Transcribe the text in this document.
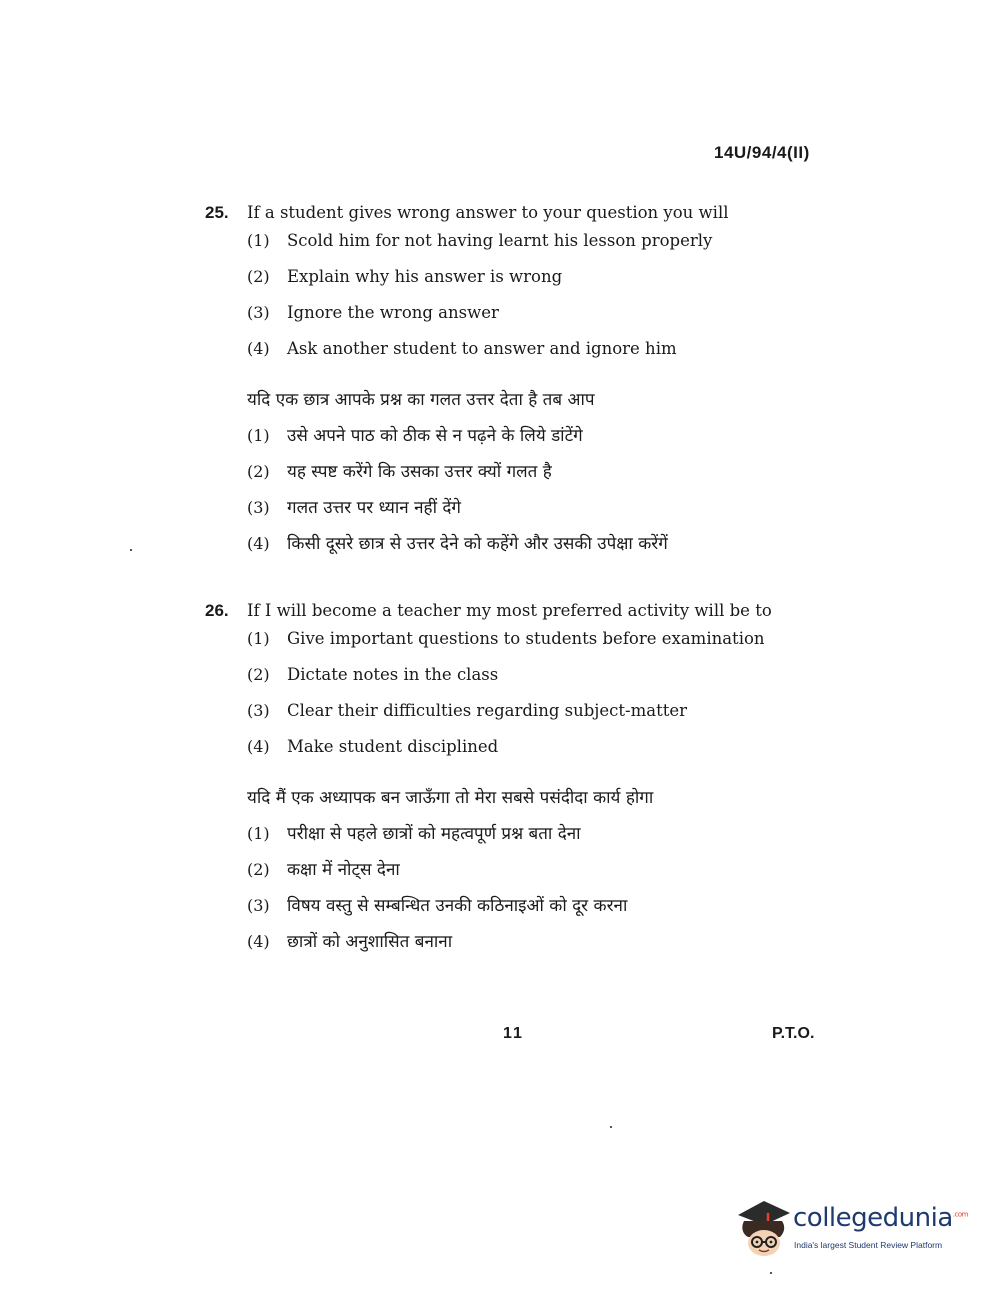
14U/94/4(II)
25.	If a student gives wrong answer to your question you will
(1)	Scold him for not having learnt his lesson properly
(2)	Explain why his answer is wrong
(3)	Ignore the wrong answer
(4)	Ask another student to answer and ignore him
यदि एक छात्र आपके प्रश्न का गलत उत्तर देता है तब आप
(1)	उसे अपने पाठ को ठीक से न पढ़ने के लिये डांटेंगे
(2)	यह स्पष्ट करेंगे कि उसका उत्तर क्यों गलत है
(3)	गलत उत्तर पर ध्यान नहीं देंगे
(4)	किसी दूसरे छात्र से उत्तर देने को कहेंगे और उसकी उपेक्षा करेंगें
26.	If I will become a teacher my most preferred activity will be to
(1)	Give important questions to students before examination
(2)	Dictate notes in the class
(3)	Clear their difficulties regarding subject-matter
(4)	Make student disciplined
यदि मैं एक अध्यापक बन जाऊँगा तो मेरा सबसे पसंदीदा कार्य होगा
(1)	परीक्षा से पहले छात्रों को महत्वपूर्ण प्रश्न बता देना
(2)	कक्षा में नोट्स देना
(3)	विषय वस्तु से सम्बन्धित उनकी कठिनाइओं को दूर करना
(4)	छात्रों को अनुशासित बनाना
11	P.T.O.
collegedunia$^{.com}$
India's largest Student Review Platform
